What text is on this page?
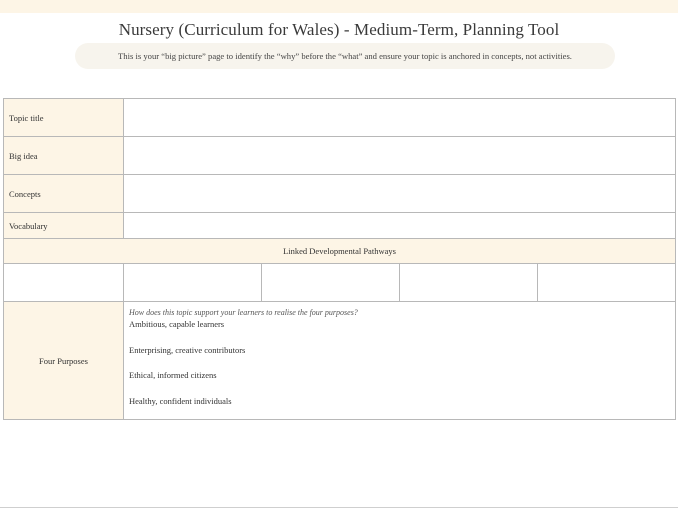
Nursery (Curriculum for Wales) - Medium-Term, Planning Tool
This is your “big picture” page to identify the “why” before the “what” and ensure your topic is anchored in concepts, not activities.
Topic title				
Big idea				
Concepts				
Vocabulary				
Linked Developmental Pathways				

Four Purposes	How does this topic support your learners to realise the four purposes?
Ambitious, capable learners
Enterprising, creative contributors
Ethical, informed citizens
Healthy, confident individuals			
